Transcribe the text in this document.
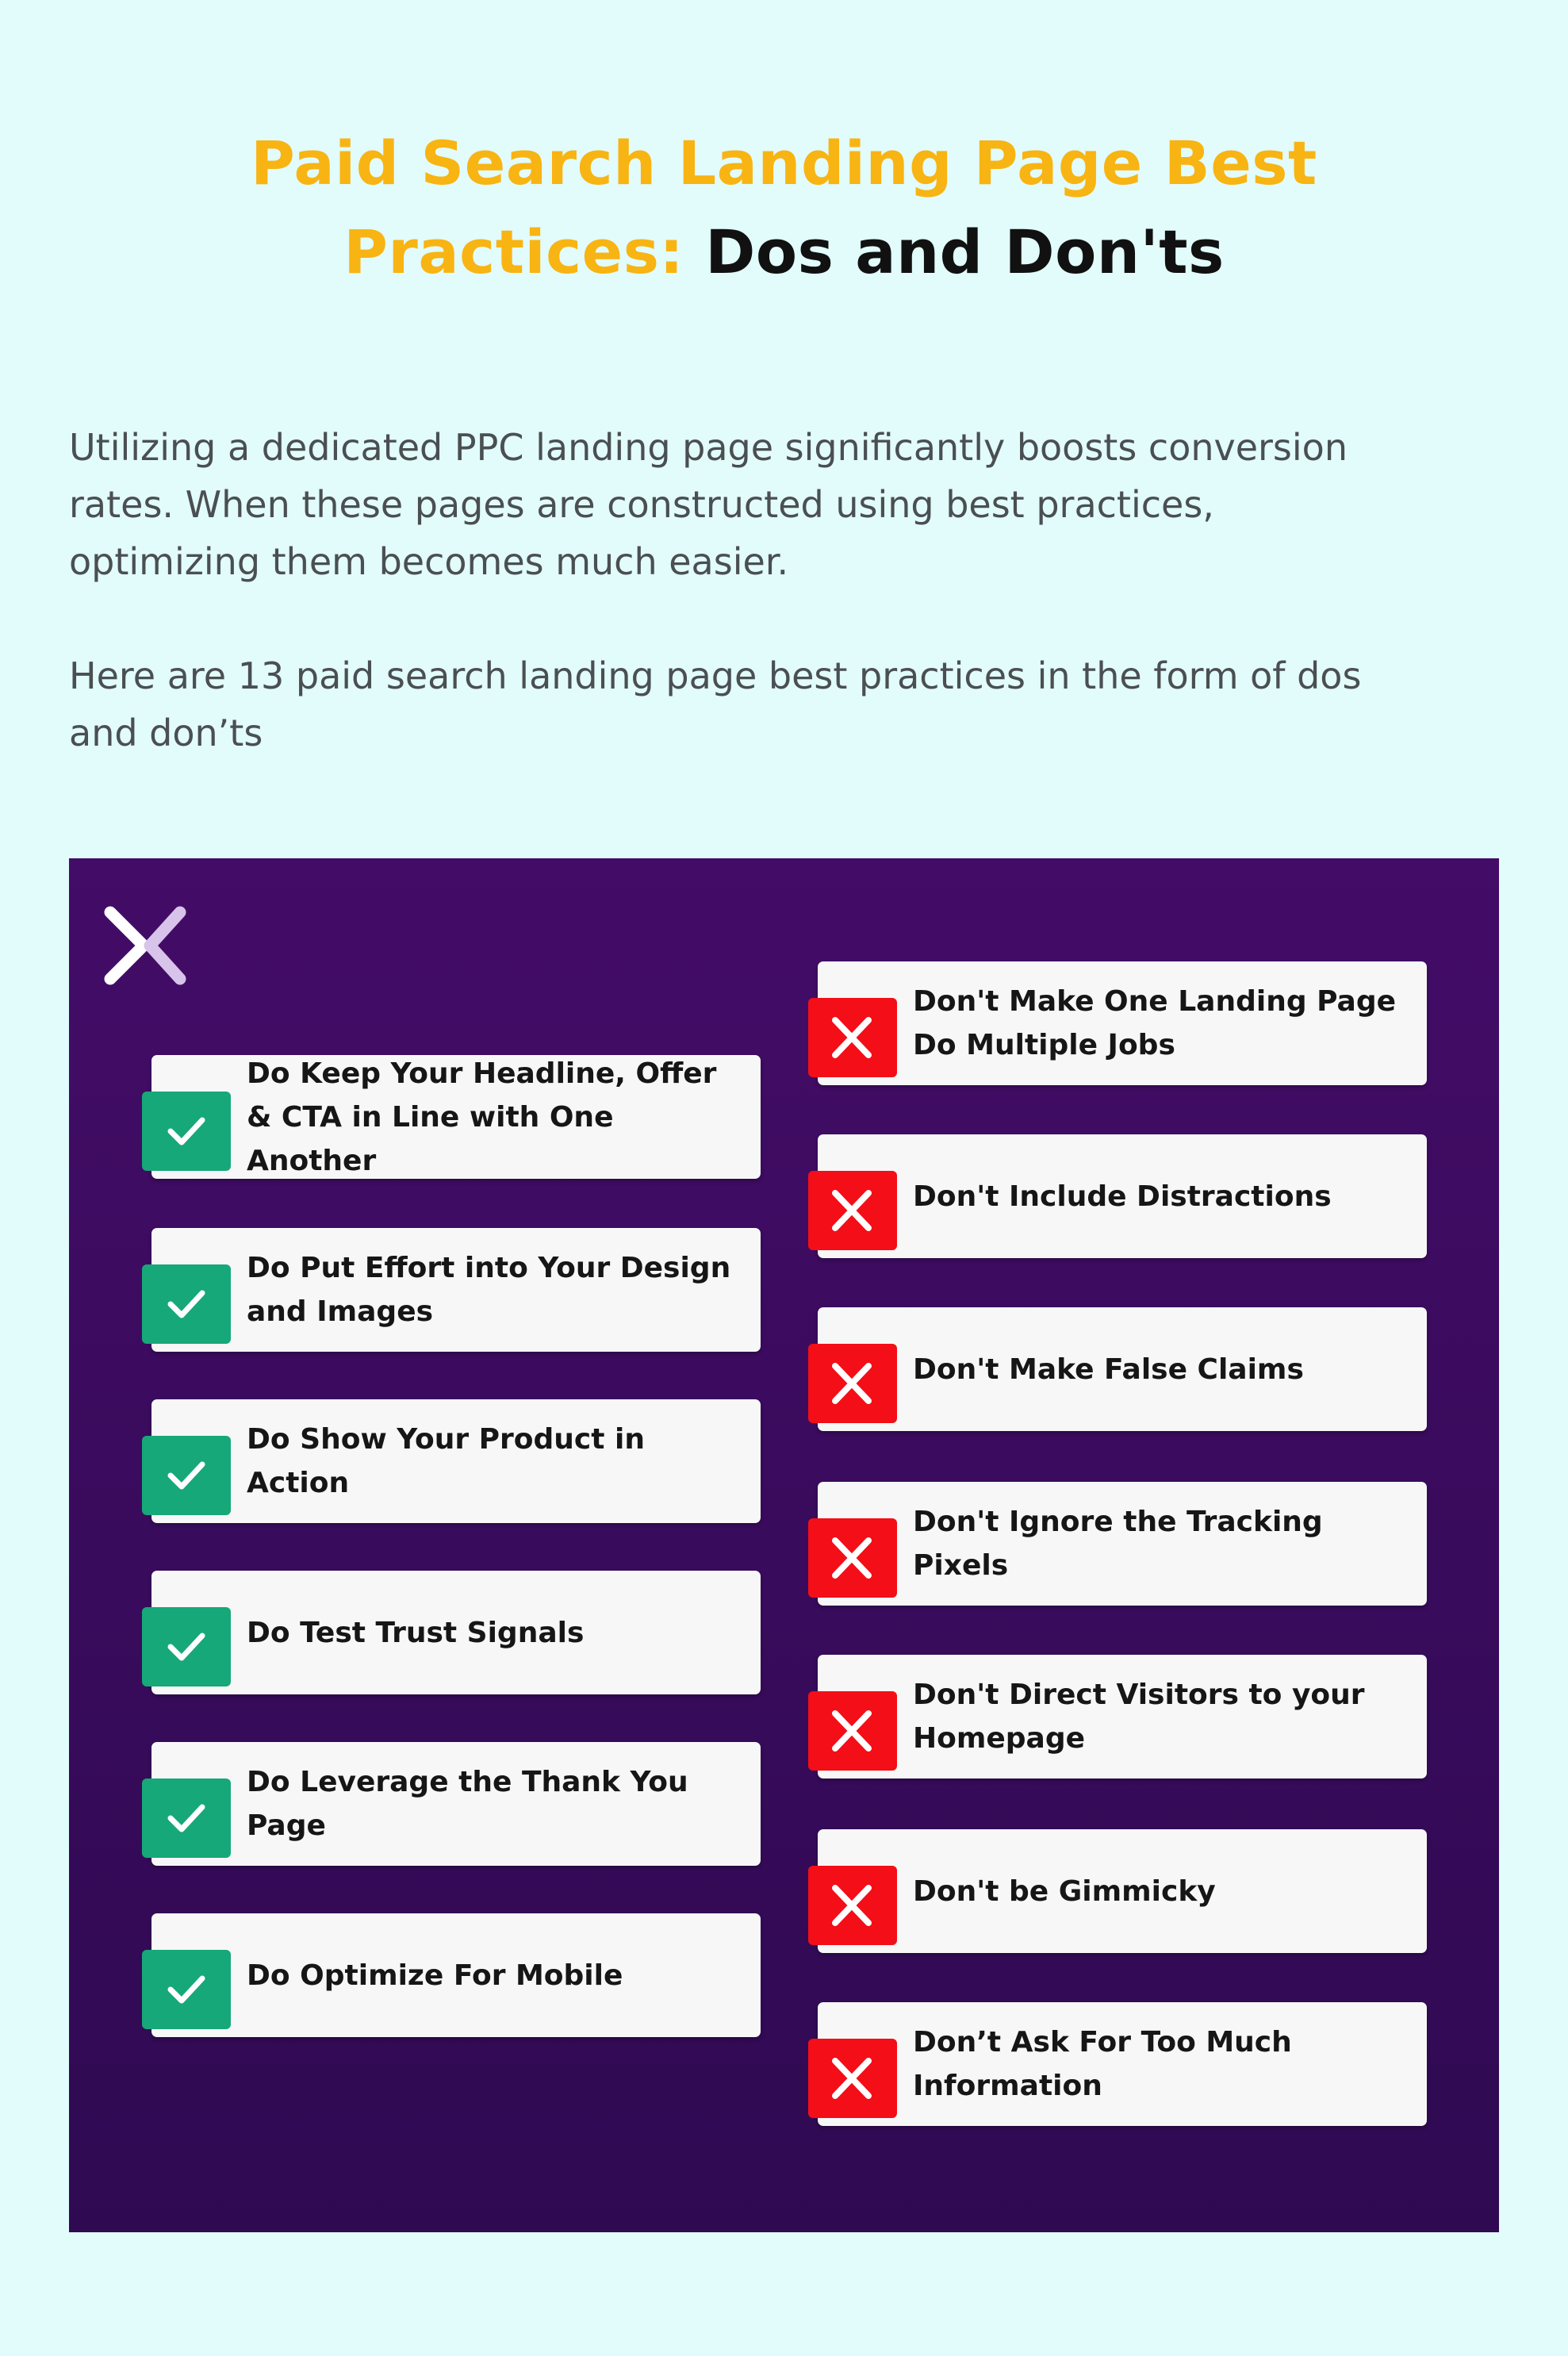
Paid Search Landing Page Best
Practices: Dos and Don'ts

Utilizing a dedicated PPC landing page significantly boosts conversion rates. When these pages are constructed using best practices, optimizing them becomes much easier.

Here are 13 paid search landing page best practices in the form of dos and don’ts

Do Keep Your Headline, Offer & CTA in Line with One Another
Do Put Effort into Your Design and Images
Do Show Your Product in Action
Do Test Trust Signals
Do Leverage the Thank You Page
Do Optimize For Mobile
Don't Make One Landing Page Do Multiple Jobs
Don't Include Distractions
Don't Make False Claims
Don't Ignore the Tracking Pixels
Don't Direct Visitors to your Homepage
Don't be Gimmicky
Don’t Ask For Too Much Information
